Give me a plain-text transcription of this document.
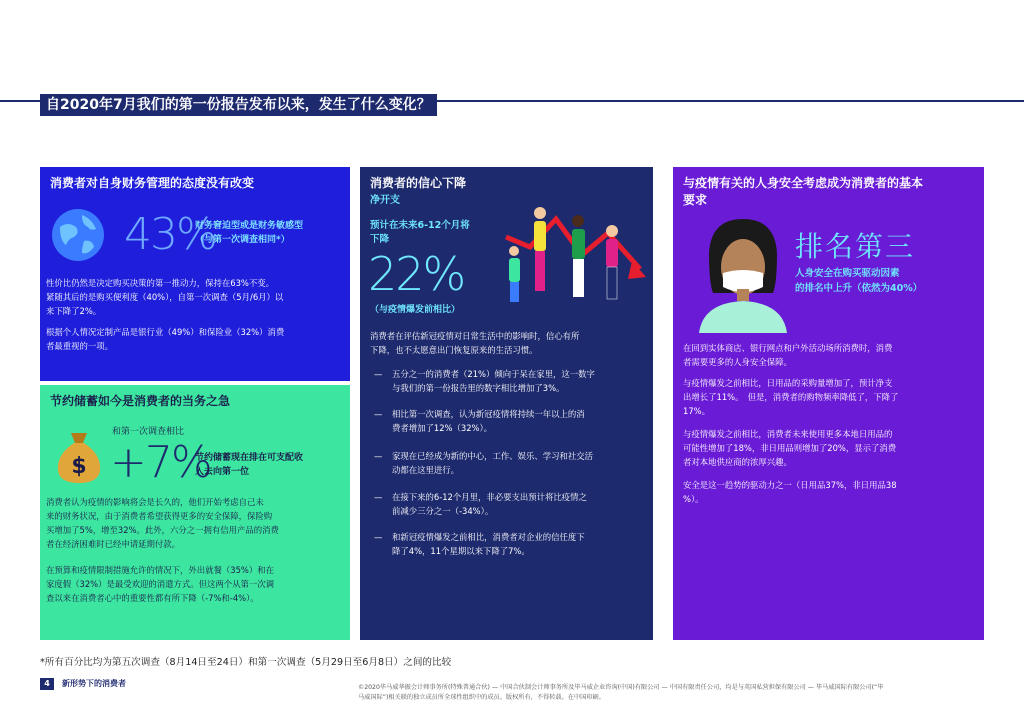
自2020年7月我们的第一份报告发布以来，发生了什么变化？
消费者对自身财务管理的态度没有改变
43%
财务窘迫型或是财务敏感型
（与第一次调查相同*）
性价比仍然是决定购买决策的第一推动力，保持在63%不变。
紧随其后的是购买便利度（40%），自第一次调查（5月/6月）以
来下降了2%。
根据个人情况定制产品是银行业（49%）和保险业（32%）消费
者最重视的一项。
节约储蓄如今是消费者的当务之急
和第一次调查相比
$ +7%
节约储蓄现在排在可支配收
入去向第一位
消费者认为疫情的影响将会是长久的，他们开始考虑自己未
来的财务状况，由于消费者希望获得更多的安全保障，保险购
买增加了5%，增至32%。此外，六分之一拥有信用产品的消费
者在经济困难时已经申请延期付款。
在预算和疫情限制措施允许的情况下，外出就餐（35%）和在
家度假（32%）是最受欢迎的消遣方式。但这两个从第一次调
查以来在消费者心中的重要性都有所下降（-7%和-4%）。
消费者的信心下降
净开支
预计在未来6-12个月将
下降
22%
（与疫情爆发前相比）
消费者在评估新冠疫情对日常生活中的影响时，信心有所
下降，也不太愿意出门恢复原来的生活习惯。
— 五分之一的消费者（21%）倾向于呆在家里，这一数字
与我们的第一份报告里的数字相比增加了3%。
— 相比第一次调查，认为新冠疫情将持续一年以上的消
费者增加了12%（32%）。
— 家现在已经成为新的中心，工作、娱乐、学习和社交活
动都在这里进行。
— 在接下来的6-12个月里，非必要支出预计将比疫情之
前减少三分之一（-34%）。
— 和新冠疫情爆发之前相比，消费者对企业的信任度下
降了4%，11个星期以来下降了7%。
与疫情有关的人身安全考虑成为消费者的基本
要求
排名第三
人身安全在购买驱动因素
的排名中上升（依然为40%）
在回到实体商店、银行网点和户外活动场所消费时，消费
者需要更多的人身安全保障。
与疫情爆发之前相比，日用品的采购量增加了，预计净支
出增长了11%。　但是，消费者的购物频率降低了，下降了
17%。
与疫情爆发之前相比，消费者未来使用更多本地日用品的
可能性增加了18%，非日用品则增加了20%，显示了消费
者对本地供应商的浓厚兴趣。
安全是这一趋势的驱动力之一（日用品37%，非日用品38
%）。
*所有百分比均为第五次调查（8月14日至24日）和第一次调查（5月29日至6月8日）之间的比较
4	新形势下的消费者	©2020毕马威华振会计师事务所(特殊普通合伙) — 中国合伙制会计师事务所及毕马威企业咨询(中国)有限公司 — 中国有限责任公司，均是与英国私营担保有限公司 — 毕马威国际有限公司(“毕
马威国际”)相关联的独立成员所全球性组织中的成员。版权所有，不得转载。在中国印刷。
